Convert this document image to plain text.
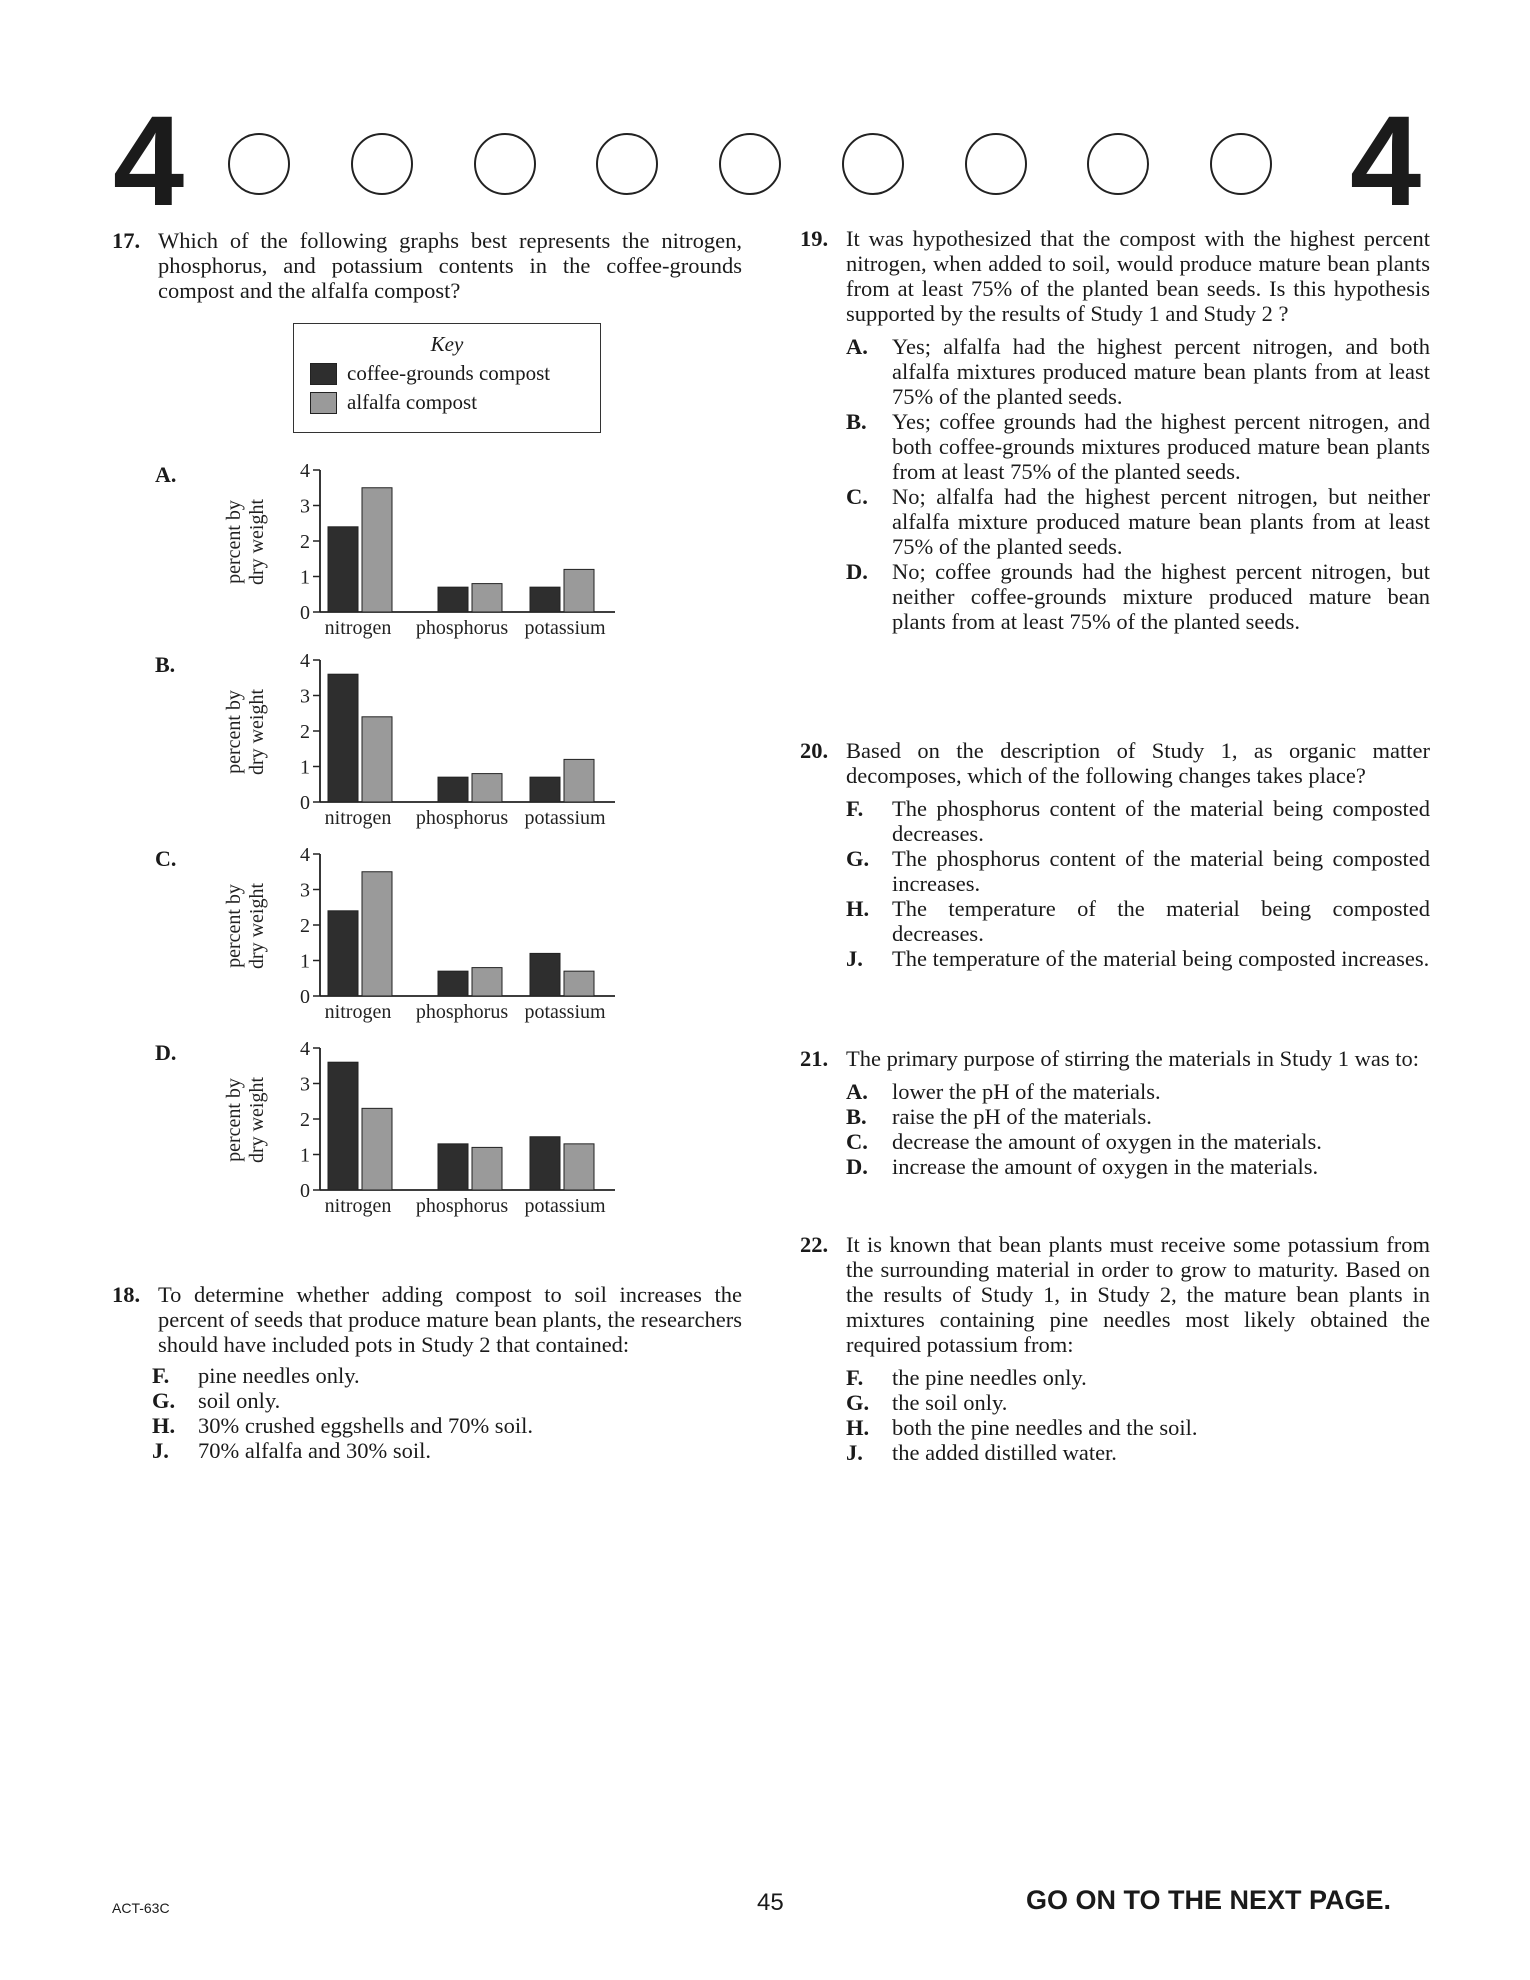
4	4
17. Which of the following graphs best represents the nitrogen, phosphorus, and potassium contents in the coffee-grounds compost and the alfalfa compost?
Key
coffee-grounds compost
alfalfa compost
A.
percent bydry weight
0
1
2
3
4
nitrogen phosphorus potassium
B.
percent bydry weight
0
1
2
3
4
nitrogen phosphorus potassium
C.
percent bydry weight
0
1
2
3
4
nitrogen phosphorus potassium
D.
percent bydry weight
0
1
2
3
4
nitrogen phosphorus potassium
18. To determine whether adding compost to soil increases the percent of seeds that produce mature bean plants, the researchers should have included pots in Study 2 that contained:
F.	pine needles only.
G.	soil only.
H.	30% crushed eggshells and 70% soil.
J.	70% alfalfa and 30% soil.
19. It was hypothesized that the compost with the highest percent nitrogen, when added to soil, would produce mature bean plants from at least 75% of the planted bean seeds. Is this hypothesis supported by the results of Study 1 and Study 2 ?
A.	Yes; alfalfa had the highest percent nitrogen, and both alfalfa mixtures produced mature bean plants from at least 75% of the planted seeds.
B.	Yes; coffee grounds had the highest percent nitrogen, and both coffee-grounds mixtures produced mature bean plants from at least 75% of the planted seeds.
C.	No; alfalfa had the highest percent nitrogen, but neither alfalfa mixture produced mature bean plants from at least 75% of the planted seeds.
D.	No; coffee grounds had the highest percent nitrogen, but neither coffee-grounds mixture produced mature bean plants from at least 75% of the planted seeds.
20. Based on the description of Study 1, as organic matter decomposes, which of the following changes takes place?
F.	The phosphorus content of the material being composted decreases.
G.	The phosphorus content of the material being composted increases.
H.	The temperature of the material being composted decreases.
J.	The temperature of the material being composted increases.
21. The primary purpose of stirring the materials in Study 1 was to:
A.	lower the pH of the materials.
B.	raise the pH of the materials.
C.	decrease the amount of oxygen in the materials.
D.	increase the amount of oxygen in the materials.
22. It is known that bean plants must receive some potassium from the surrounding material in order to grow to maturity. Based on the results of Study 1, in Study 2, the mature bean plants in mixtures containing pine needles most likely obtained the required potassium from:
F.	the pine needles only.
G.	the soil only.
H.	both the pine needles and the soil.
J.	the added distilled water.
ACT-63C	45	GO ON TO THE NEXT PAGE.
